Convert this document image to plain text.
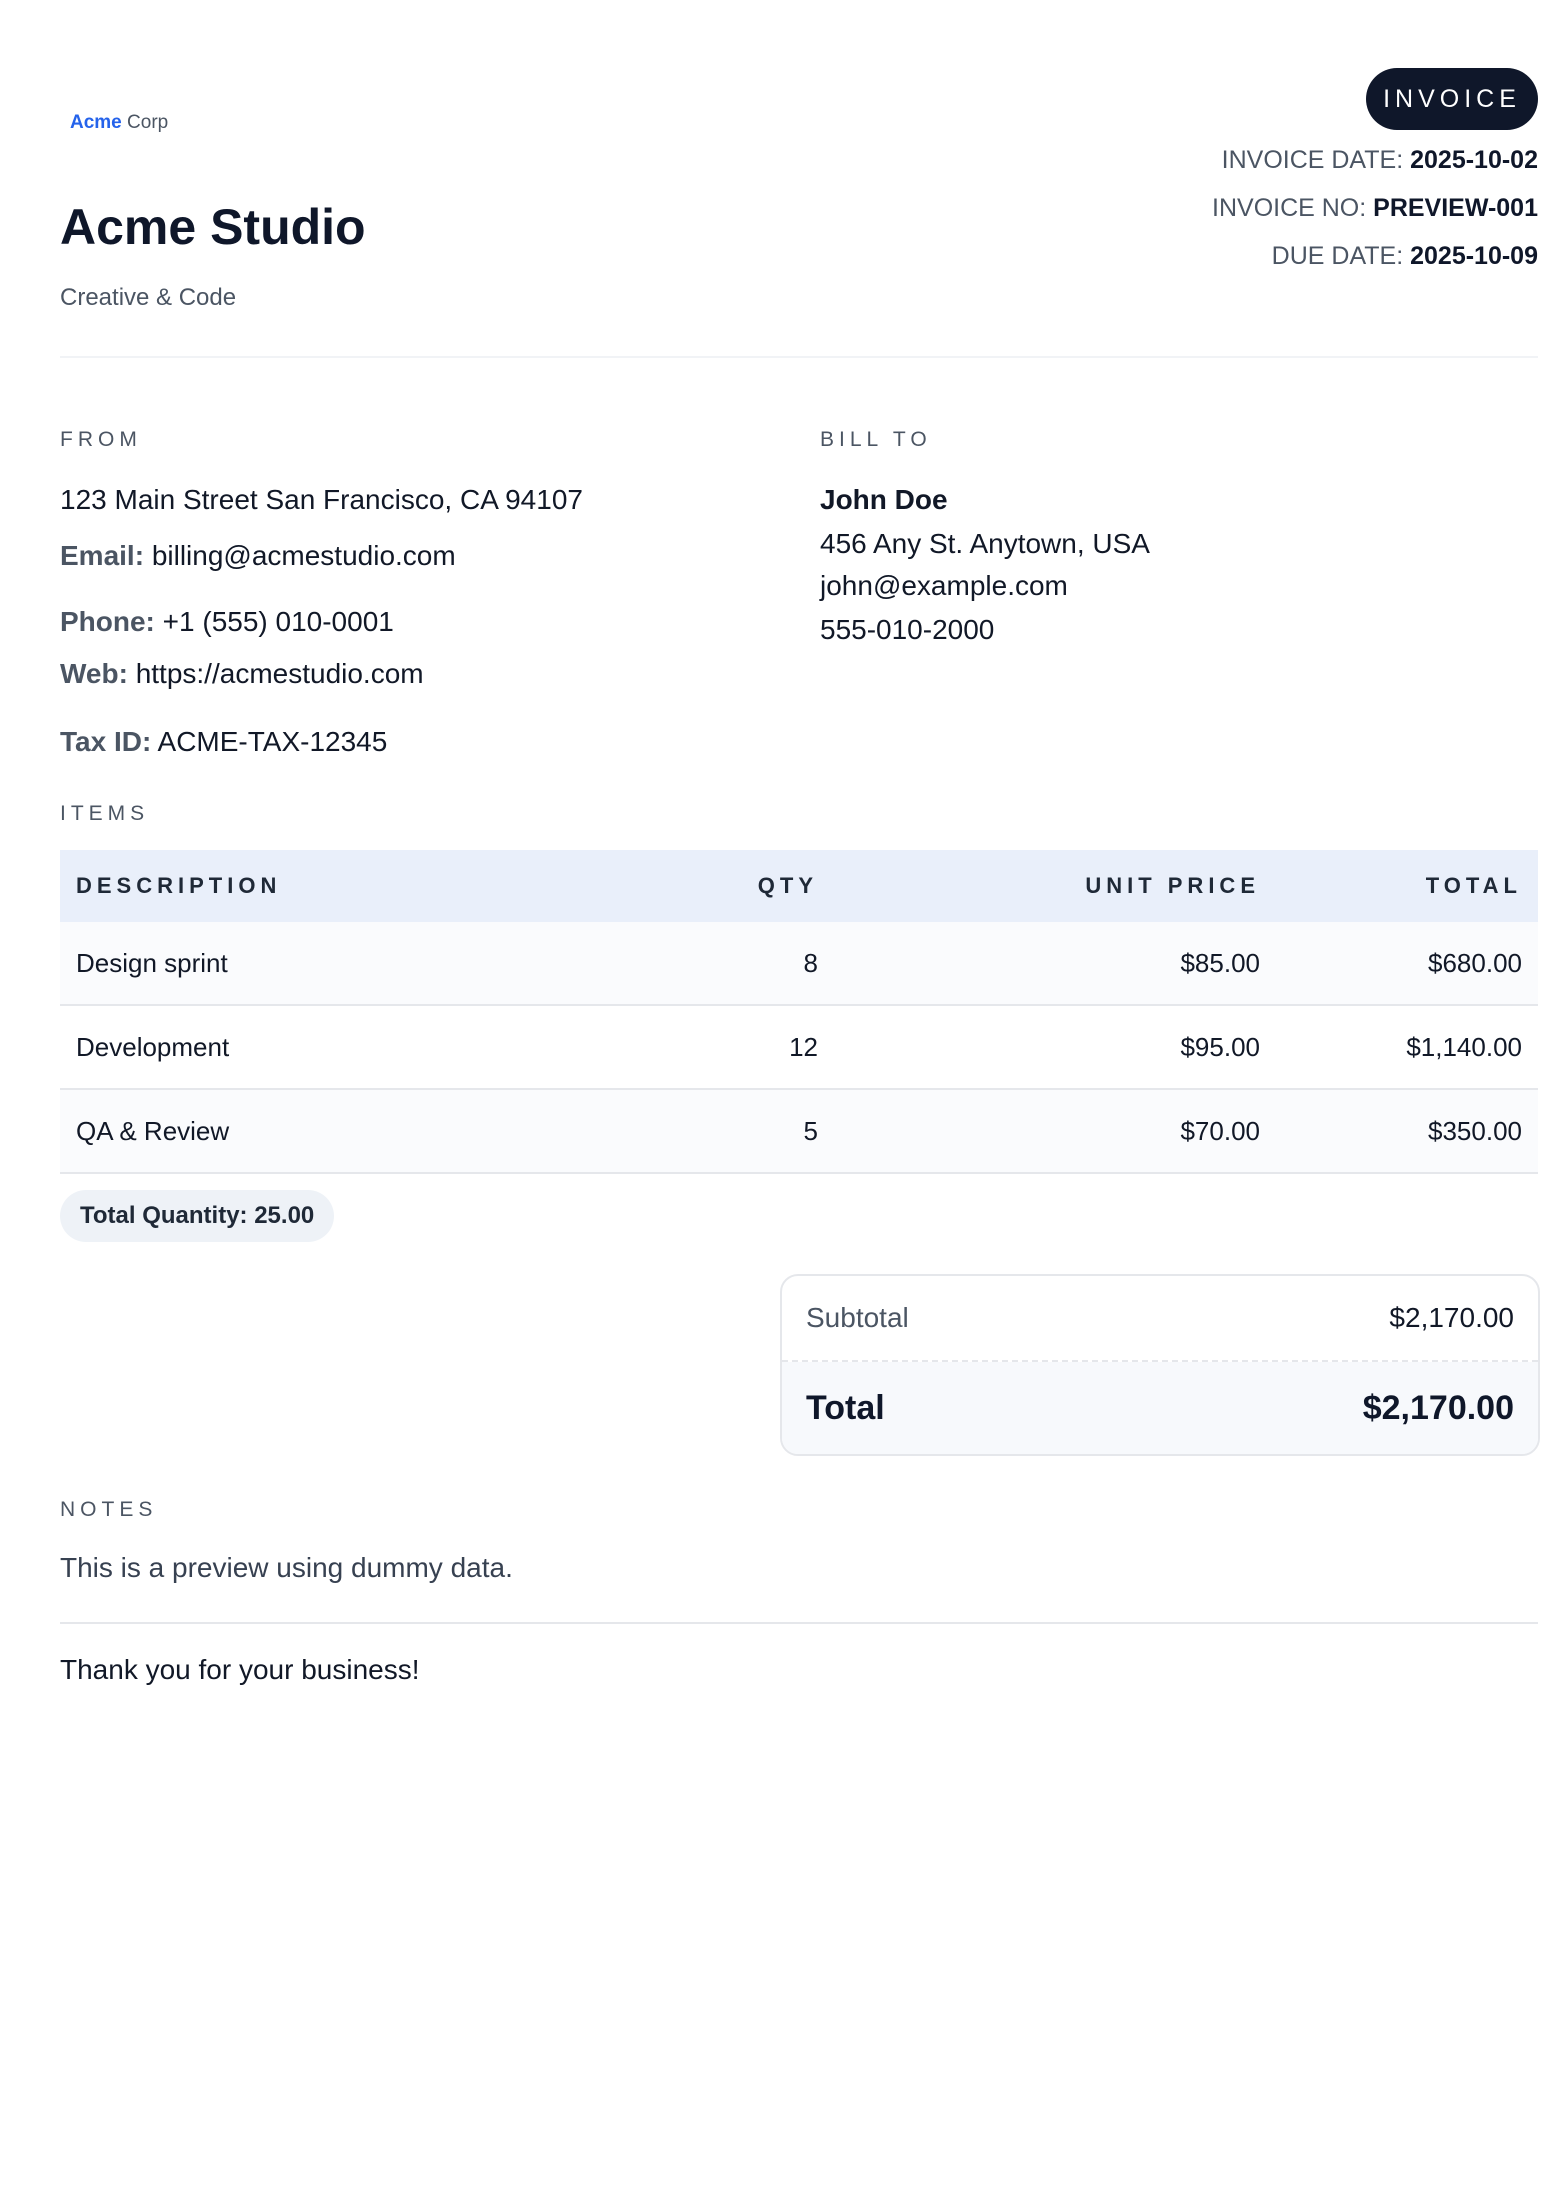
Acme Corp
Acme Studio
Creative & Code
INVOICE
INVOICE DATE: 2025-10-02
INVOICE NO: PREVIEW-001
DUE DATE: 2025-10-09
FROM
123 Main Street San Francisco, CA 94107
Email: billing@acmestudio.com
Phone: +1 (555) 010-0001
Web: https://acmestudio.com
Tax ID: ACME-TAX-12345
BILL TO
John Doe
456 Any St. Anytown, USA
john@example.com
555-010-2000
ITEMS
DESCRIPTION	QTY	UNIT PRICE	TOTAL
Design sprint	8	$85.00	$680.00
Development	12	$95.00	$1,140.00
QA & Review	5	$70.00	$350.00
Total Quantity: 25.00
Subtotal	$2,170.00
Total	$2,170.00
NOTES
This is a preview using dummy data.
Thank you for your business!
